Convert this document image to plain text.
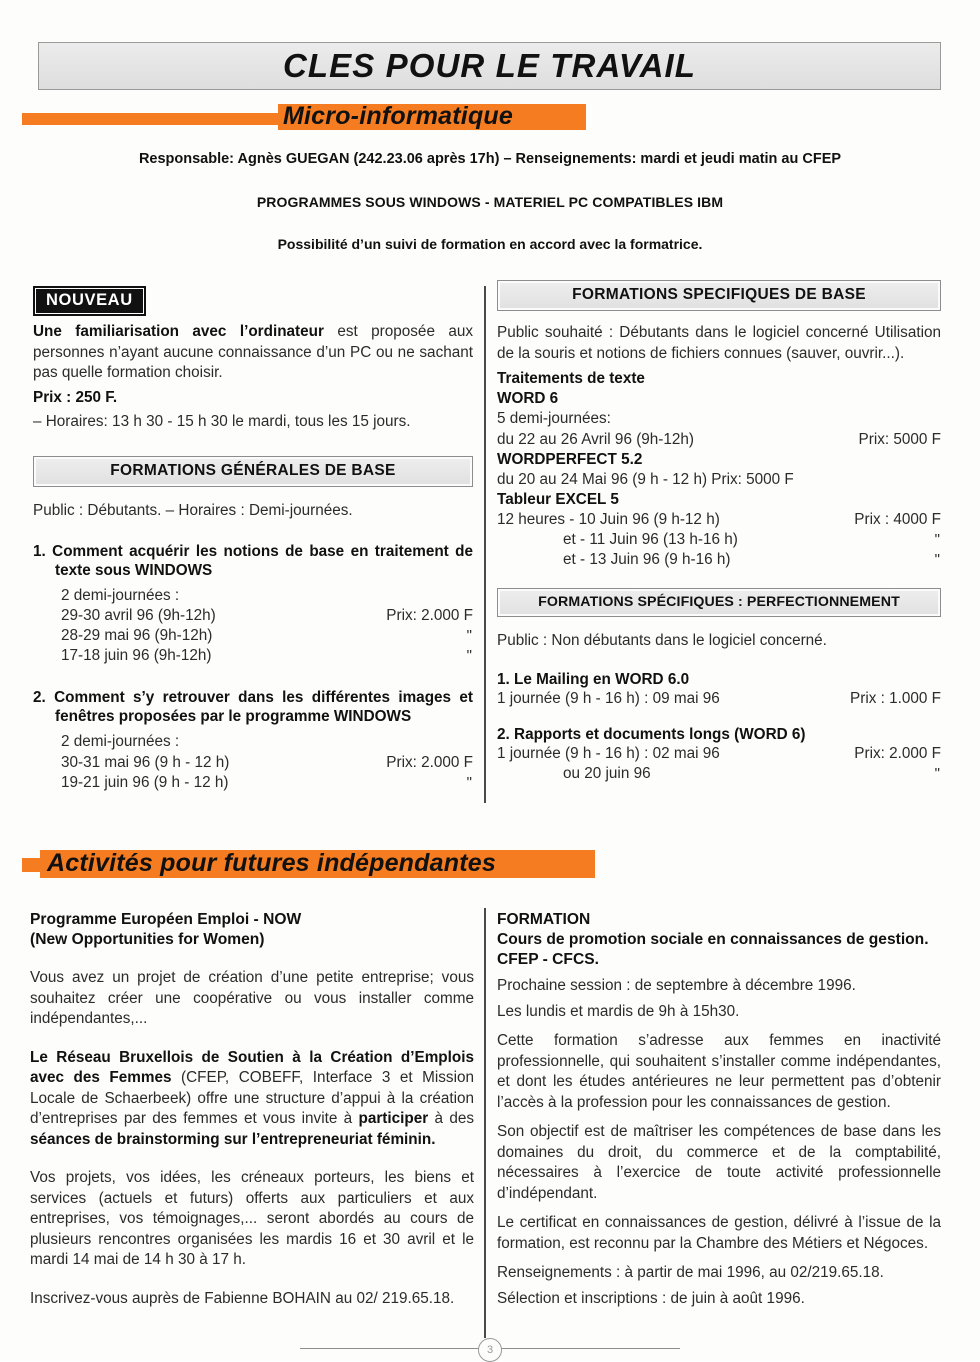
CLES POUR LE TRAVAIL
Micro-informatique
Responsable: Agnès GUEGAN (242.23.06 après 17h) – Renseignements: mardi et jeudi matin au CFEP
PROGRAMMES SOUS WINDOWS - MATERIEL PC COMPATIBLES IBM
Possibilité d’un suivi de formation en accord avec la formatrice.
NOUVEAU
Une familiarisation avec l’ordinateur est proposée aux personnes n’ayant aucune connaissance d’un PC ou ne sachant pas quelle formation choisir.
Prix : 250 F.
– Horaires: 13 h 30 - 15 h 30 le mardi, tous les 15 jours.
FORMATIONS GÉNÉRALES DE BASE
Public : Débutants. – Horaires : Demi-journées.
1. Comment acquérir les notions de base en traitement de texte sous WINDOWS
2 demi-journées :
29-30 avril 96 (9h-12h)	Prix: 2.000 F
28-29 mai 96 (9h-12h)	"
17-18 juin 96 (9h-12h)	"
2. Comment s’y retrouver dans les différentes images et fenêtres proposées par le programme WINDOWS
2 demi-journées :
30-31 mai 96 (9 h - 12 h)	Prix: 2.000 F
19-21 juin 96 (9 h - 12 h)	"
FORMATIONS SPECIFIQUES DE BASE
Public souhaité : Débutants dans le logiciel concerné Utilisation de la souris et notions de fichiers connues (sauver, ouvrir...).
Traitements de texte
WORD 6
5 demi-journées:
du 22 au 26 Avril 96 (9h-12h)	Prix: 5000 F
WORDPERFECT 5.2
du 20 au 24 Mai 96 (9 h - 12 h) Prix: 5000 F
Tableur EXCEL 5
12 heures - 10 Juin 96 (9 h-12 h)	Prix : 4000 F
et - 11 Juin 96 (13 h-16 h)	"
et - 13 Juin 96 (9 h-16 h)	"
FORMATIONS SPÉCIFIQUES : PERFECTIONNEMENT
Public : Non débutants dans le logiciel concerné.
1. Le Mailing en WORD 6.0
1 journée (9 h - 16 h) : 09 mai 96	Prix : 1.000 F
2. Rapports et documents longs (WORD 6)
1 journée (9 h - 16 h) : 02 mai 96	Prix: 2.000 F
ou 20 juin 96	"
Activités pour futures indépendantes
Programme Européen Emploi - NOW
(New Opportunities for Women)
Vous avez un projet de création d’une petite entreprise; vous souhaitez créer une coopérative ou vous installer comme indépendantes,...
Le Réseau Bruxellois de Soutien à la Création d’Emplois avec des Femmes (CFEP, COBEFF, Interface 3 et Mission Locale de Schaerbeek) offre une structure d’appui à la création d’entreprises par des femmes et vous invite à participer à des séances de brainstorming sur l’entrepreneuriat féminin.
Vos projets, vos idées, les créneaux porteurs, les biens et services (actuels et futurs) offerts aux particuliers et aux entreprises, vos témoignages,... seront abordés au cours de plusieurs rencontres organisées les mardis 16 et 30 avril et le mardi 14 mai de 14 h 30 à 17 h.
Inscrivez-vous auprès de Fabienne BOHAIN au 02/ 219.65.18.
FORMATION
Cours de promotion sociale en connaissances de gestion.
CFEP - CFCS.
Prochaine session : de septembre à décembre 1996.
Les lundis et mardis de 9h à 15h30.
Cette formation s’adresse aux femmes en inactivité professionnelle, qui souhaitent s’installer comme indépendantes, et dont les études antérieures ne leur permettent pas d’obtenir l’accès à la profession pour les connaissances de gestion.
Son objectif est de maîtriser les compétences de base dans les domaines du droit, du commerce et de la comptabilité, nécessaires à l’exercice de toute activité professionnelle d’indépendant.
Le certificat en connaissances de gestion, délivré à l’issue de la formation, est reconnu par la Chambre des Métiers et Négoces.
Renseignements : à partir de mai 1996, au 02/219.65.18.
Sélection et inscriptions : de juin à août 1996.
3
